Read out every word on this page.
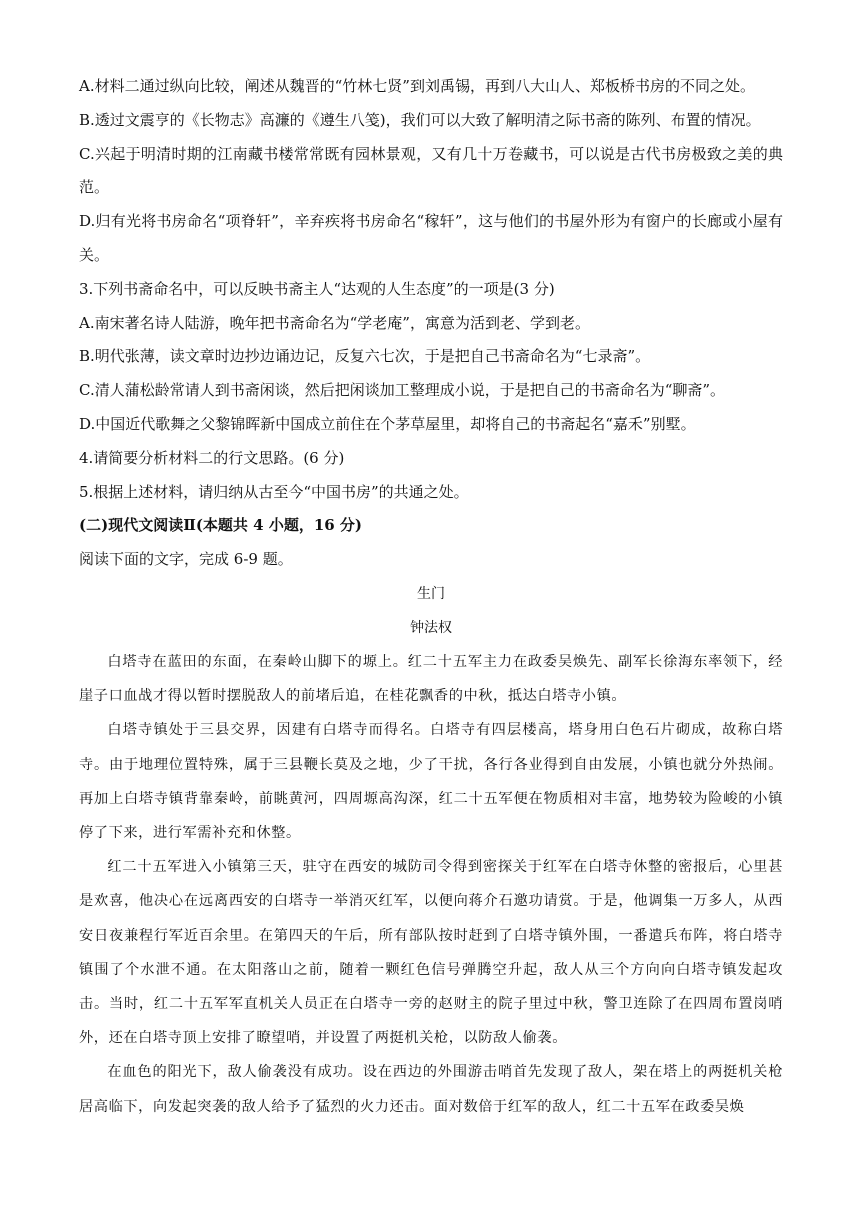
A.材料二通过纵向比较，阐述从魏晋的“竹林七贤”到刘禹锡，再到八大山人、郑板桥书房的不同之处。

B.透过文震亨的《长物志》高濂的《遵生八笺)，我们可以大致了解明清之际书斋的陈列、布置的情况。

C.兴起于明清时期的江南藏书楼常常既有园林景观，又有几十万卷藏书，可以说是古代书房极致之美的典范。

D.归有光将书房命名“项脊轩”，辛弃疾将书房命名“稼轩”，这与他们的书屋外形为有窗户的长廊或小屋有关。

3.下列书斋命名中，可以反映书斋主人“达观的人生态度”的一项是(3 分)

A.南宋著名诗人陆游，晚年把书斋命名为“学老庵”，寓意为活到老、学到老。

B.明代张薄，读文章时边抄边诵边记，反复六七次，于是把自己书斋命名为“七录斋”。

C.清人蒲松龄常请人到书斋闲谈，然后把闲谈加工整理成小说，于是把自己的书斋命名为“聊斋”。

D.中国近代歌舞之父黎锦晖新中国成立前住在个茅草屋里，却将自己的书斋起名“嘉禾”别墅。

4.请简要分析材料二的行文思路。(6 分)

5.根据上述材料，请归纳从古至今“中国书房”的共通之处。

(二)现代文阅读Ⅱ(本题共 4 小题，16 分)

阅读下面的文字，完成 6-9 题。

生门

钟法权

白塔寺在蓝田的东面，在秦岭山脚下的塬上。红二十五军主力在政委吴焕先、副军长徐海东率领下，经崖子口血战才得以暂时摆脱敌人的前堵后追，在桂花飘香的中秋，抵达白塔寺小镇。

白塔寺镇处于三县交界，因建有白塔寺而得名。白塔寺有四层楼高，塔身用白色石片砌成，故称白塔寺。由于地理位置特殊，属于三县鞭长莫及之地，少了干扰，各行各业得到自由发展，小镇也就分外热闹。再加上白塔寺镇背靠秦岭，前眺黄河，四周塬高沟深，红二十五军便在物质相对丰富，地势较为险峻的小镇停了下来，进行军需补充和休整。

红二十五军进入小镇第三天，驻守在西安的城防司令得到密探关于红军在白塔寺休整的密报后，心里甚是欢喜，他决心在远离西安的白塔寺一举消灭红军，以便向蒋介石邀功请赏。于是，他调集一万多人，从西安日夜兼程行军近百余里。在第四天的午后，所有部队按时赶到了白塔寺镇外围，一番遣兵布阵，将白塔寺镇围了个水泄不通。在太阳落山之前，随着一颗红色信号弹腾空升起，敌人从三个方向向白塔寺镇发起攻击。当时，红二十五军军直机关人员正在白塔寺一旁的赵财主的院子里过中秋，警卫连除了在四周布置岗哨外，还在白塔寺顶上安排了瞭望哨，并设置了两挺机关枪，以防敌人偷袭。

在血色的阳光下，敌人偷袭没有成功。设在西边的外围游击哨首先发现了敌人，架在塔上的两挺机关枪居高临下，向发起突袭的敌人给予了猛烈的火力还击。面对数倍于红军的敌人，红二十五军在政委吴焕
